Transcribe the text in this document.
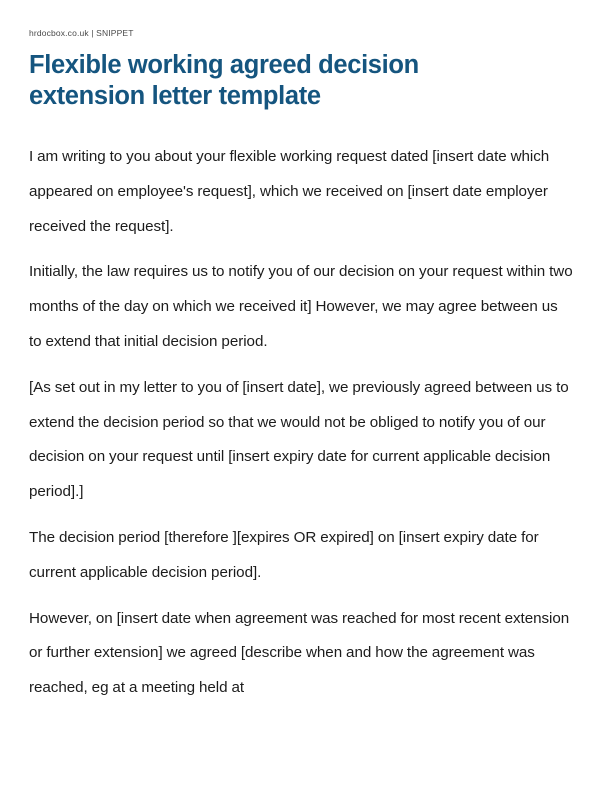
hrdocbox.co.uk | SNIPPET
Flexible working agreed decision extension letter template

I am writing to you about your flexible working request dated [insert date which appeared on employee's request], which we received on [insert date employer received the request].

Initially, the law requires us to notify you of our decision on your request within two months of the day on which we received it] However, we may agree between us to extend that initial decision period.

[As set out in my letter to you of [insert date], we previously agreed between us to extend the decision period so that we would not be obliged to notify you of our decision on your request until [insert expiry date for current applicable decision period].]

The decision period [therefore ][expires OR expired] on [insert expiry date for current applicable decision period].

However, on [insert date when agreement was reached for most recent extension or further extension] we agreed [describe when and how the agreement was reached, eg at a meeting held at
